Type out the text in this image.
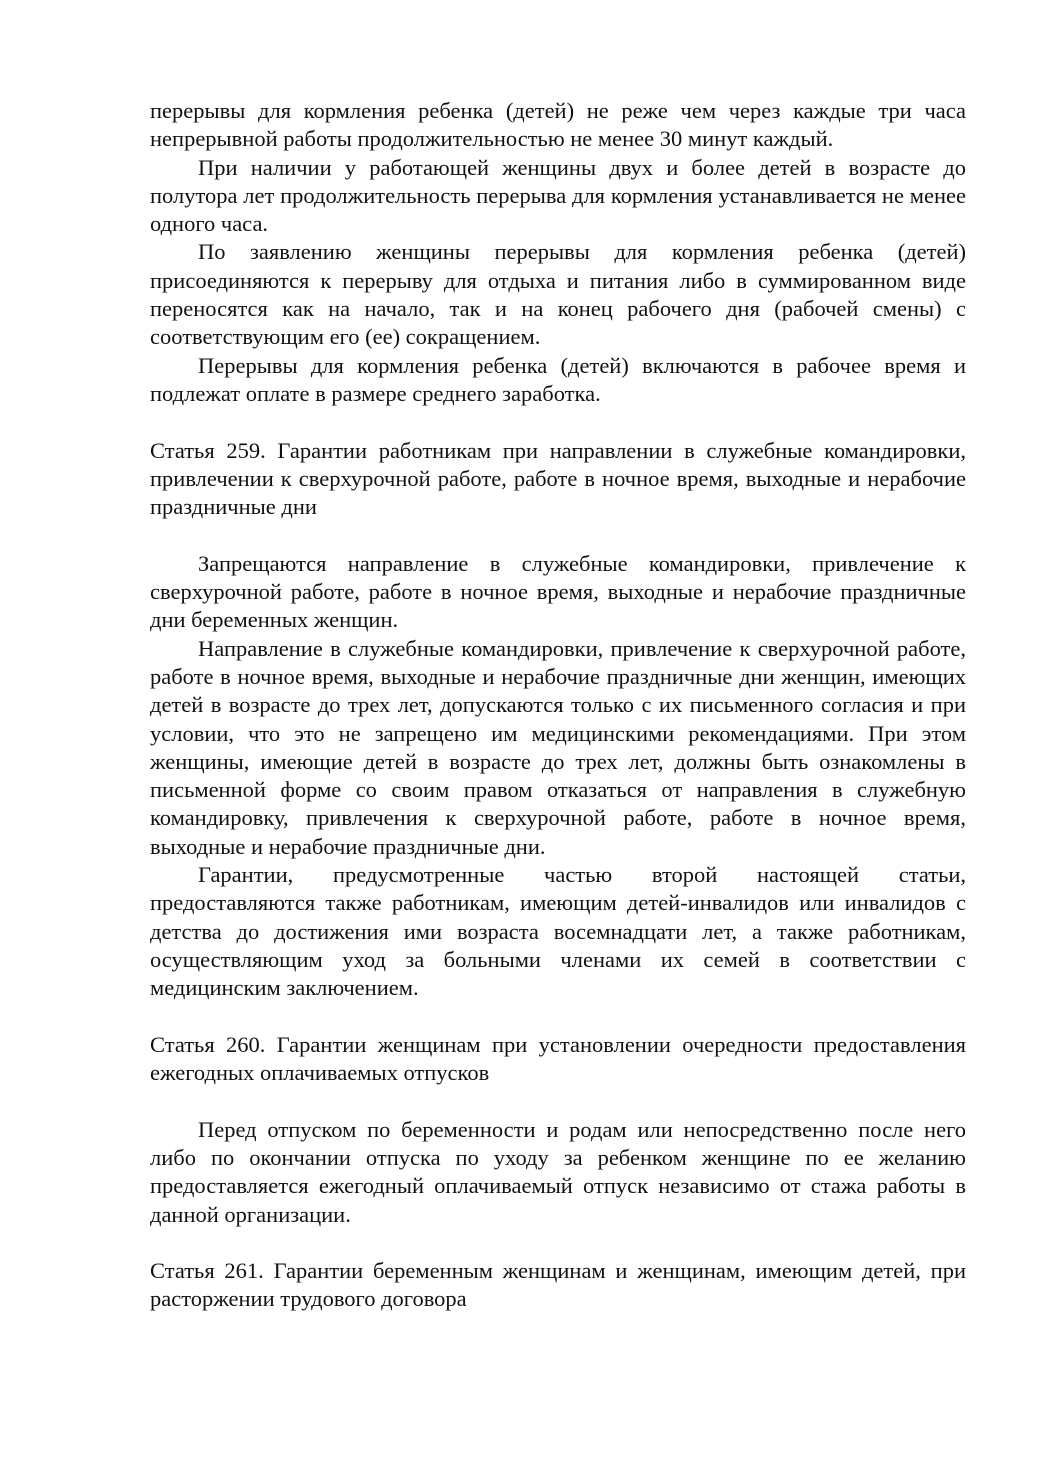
перерывы для кормления ребенка (детей) не реже чем через каждые три часа непрерывной работы продолжительностью не менее 30 минут каждый.

При наличии у работающей женщины двух и более детей в возрасте до полутора лет продолжительность перерыва для кормления устанавливается не менее одного часа.

По заявлению женщины перерывы для кормления ребенка (детей) присоединяются к перерыву для отдыха и питания либо в суммированном виде переносятся как на начало, так и на конец рабочего дня (рабочей смены) с соответствующим его (ее) сокращением.

Перерывы для кормления ребенка (детей) включаются в рабочее время и подлежат оплате в размере среднего заработка.

Статья 259. Гарантии работникам при направлении в служебные командировки, привлечении к сверхурочной работе, работе в ночное время, выходные и нерабочие праздничные дни

Запрещаются направление в служебные командировки, привлечение к сверхурочной работе, работе в ночное время, выходные и нерабочие праздничные дни беременных женщин.

Направление в служебные командировки, привлечение к сверхурочной работе, работе в ночное время, выходные и нерабочие праздничные дни женщин, имеющих детей в возрасте до трех лет, допускаются только с их письменного согласия и при условии, что это не запрещено им медицинскими рекомендациями. При этом женщины, имеющие детей в возрасте до трех лет, должны быть ознакомлены в письменной форме со своим правом отказаться от направления в служебную командировку, привлечения к сверхурочной работе, работе в ночное время, выходные и нерабочие праздничные дни.

Гарантии, предусмотренные частью второй настоящей статьи, предоставляются также работникам, имеющим детей-инвалидов или инвалидов с детства до достижения ими возраста восемнадцати лет, а также работникам, осуществляющим уход за больными членами их семей в соответствии с медицинским заключением.

Статья 260. Гарантии женщинам при установлении очередности предоставления ежегодных оплачиваемых отпусков

Перед отпуском по беременности и родам или непосредственно после него либо по окончании отпуска по уходу за ребенком женщине по ее желанию предоставляется ежегодный оплачиваемый отпуск независимо от стажа работы в данной организации.

Статья 261. Гарантии беременным женщинам и женщинам, имеющим детей, при расторжении трудового договора
